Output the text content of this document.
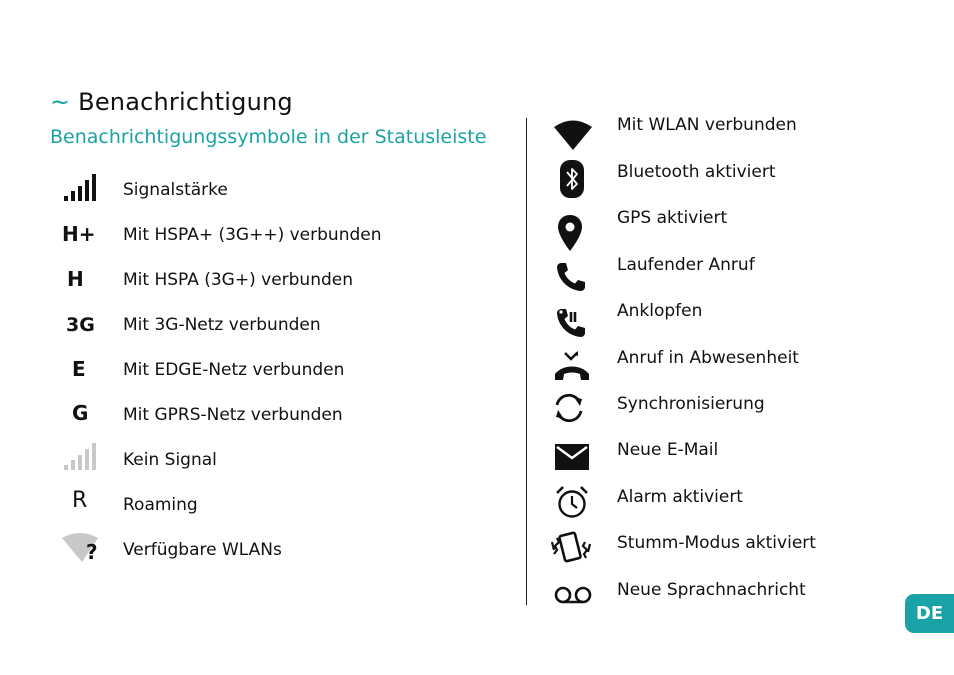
~ Benachrichtigung
Benachrichtigungssymbole in der Statusleiste
Signalstärke
H+	Mit HSPA+ (3G++) verbunden
H	Mit HSPA (3G+) verbunden
3G	Mit 3G-Netz verbunden
E	Mit EDGE-Netz verbunden
G	Mit GPRS-Netz verbunden
Kein Signal
R	Roaming
? Verfügbare WLANs
Mit WLAN verbunden
Bluetooth aktiviert
GPS aktiviert
Laufender Anruf
Anklopfen
Anruf in Abwesenheit
Synchronisierung
Neue E-Mail
Alarm aktiviert
Stumm-Modus aktiviert
Neue Sprachnachricht
DE
